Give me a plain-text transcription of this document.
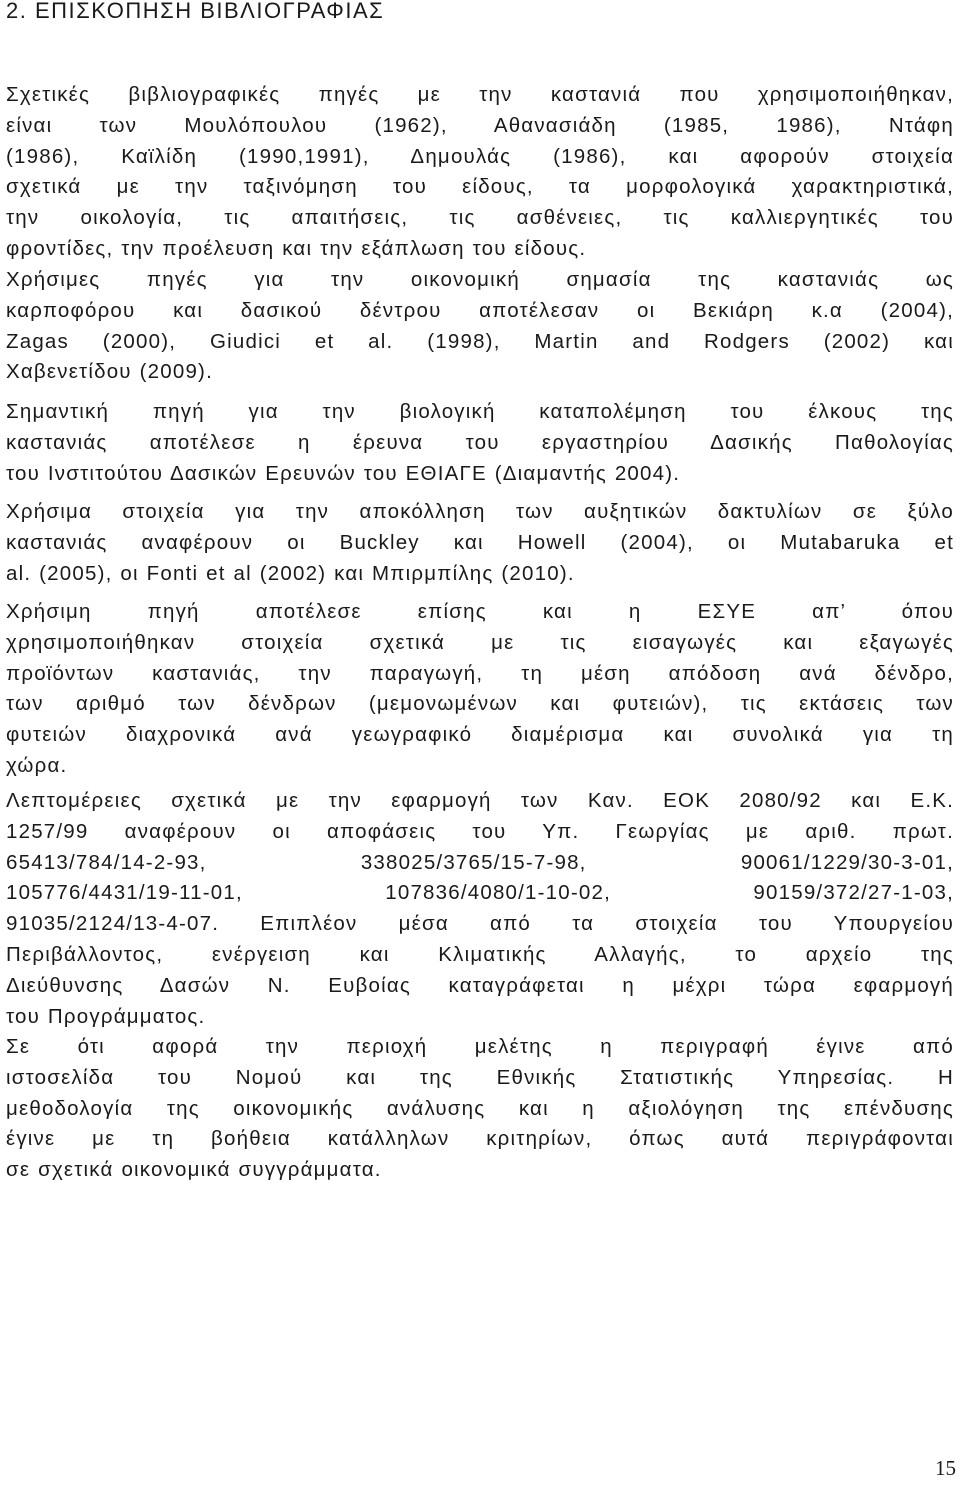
2. ΕΠΙΣΚΟΠΗΣΗ ΒΙΒΛΙΟΓΡΑΦΙΑΣ
Σχετικές βιβλιογραφικές πηγές με την καστανιά που χρησιμοποιήθηκαν,
είναι των Μουλόπουλου (1962), Αθανασιάδη (1985, 1986), Ντάφη
(1986), Καϊλίδη (1990,1991), Δημουλάς (1986), και αφορούν στοιχεία
σχετικά με την ταξινόμηση του είδους, τα μορφολογικά χαρακτηριστικά,
την οικολογία, τις απαιτήσεις, τις ασθένειες, τις καλλιεργητικές του
φροντίδες, την προέλευση και την εξάπλωση του είδους.
Χρήσιμες πηγές για την οικονομική σημασία της καστανιάς ως
καρποφόρου και δασικού δέντρου αποτέλεσαν οι Βεκιάρη κ.α (2004),
Zagas (2000), Giudici et al. (1998), Martin and Rodgers (2002) και
Χαβενετίδου (2009).
Σημαντική πηγή για την βιολογική καταπολέμηση του έλκους της
καστανιάς αποτέλεσε η έρευνα του εργαστηρίου Δασικής Παθολογίας
του Ινστιτούτου Δασικών Ερευνών του ΕΘΙΑΓΕ (Διαμαντής 2004).
Χρήσιμα στοιχεία για την αποκόλληση των αυξητικών δακτυλίων σε ξύλο
καστανιάς αναφέρουν οι Buckley και Howell (2004), οι Mutabaruka et
al. (2005), οι Fonti et al (2002) και Μπιρμπίλης (2010).
Χρήσιμη πηγή αποτέλεσε επίσης και η ΕΣΥΕ απ’ όπου
χρησιμοποιήθηκαν στοιχεία σχετικά με τις εισαγωγές και εξαγωγές
προϊόντων καστανιάς, την παραγωγή, τη μέση απόδοση ανά δένδρο,
των αριθμό των δένδρων (μεμονωμένων και φυτειών), τις εκτάσεις των
φυτειών διαχρονικά ανά γεωγραφικό διαμέρισμα και συνολικά για τη
χώρα.
Λεπτομέρειες σχετικά με την εφαρμογή των Καν. ΕΟΚ 2080/92 και Ε.Κ.
1257/99 αναφέρουν οι αποφάσεις του Υπ. Γεωργίας με αριθ. πρωτ.
65413/784/14-2-93, 338025/3765/15-7-98, 90061/1229/30-3-01,
105776/4431/19-11-01, 107836/4080/1-10-02, 90159/372/27-1-03,
91035/2124/13-4-07. Επιπλέον μέσα από τα στοιχεία του Υπουργείου
Περιβάλλοντος, ενέργειση και Κλιματικής Αλλαγής, το αρχείο της
Διεύθυνσης Δασών Ν. Ευβοίας καταγράφεται η μέχρι τώρα εφαρμογή
του Προγράμματος.
Σε ότι αφορά την περιοχή μελέτης η περιγραφή έγινε από
ιστοσελίδα του Νομού και της Εθνικής Στατιστικής Υπηρεσίας. Η
μεθοδολογία της οικονομικής ανάλυσης και η αξιολόγηση της επένδυσης
έγινε με τη βοήθεια κατάλληλων κριτηρίων, όπως αυτά περιγράφονται
σε σχετικά οικονομικά συγγράμματα.
15
